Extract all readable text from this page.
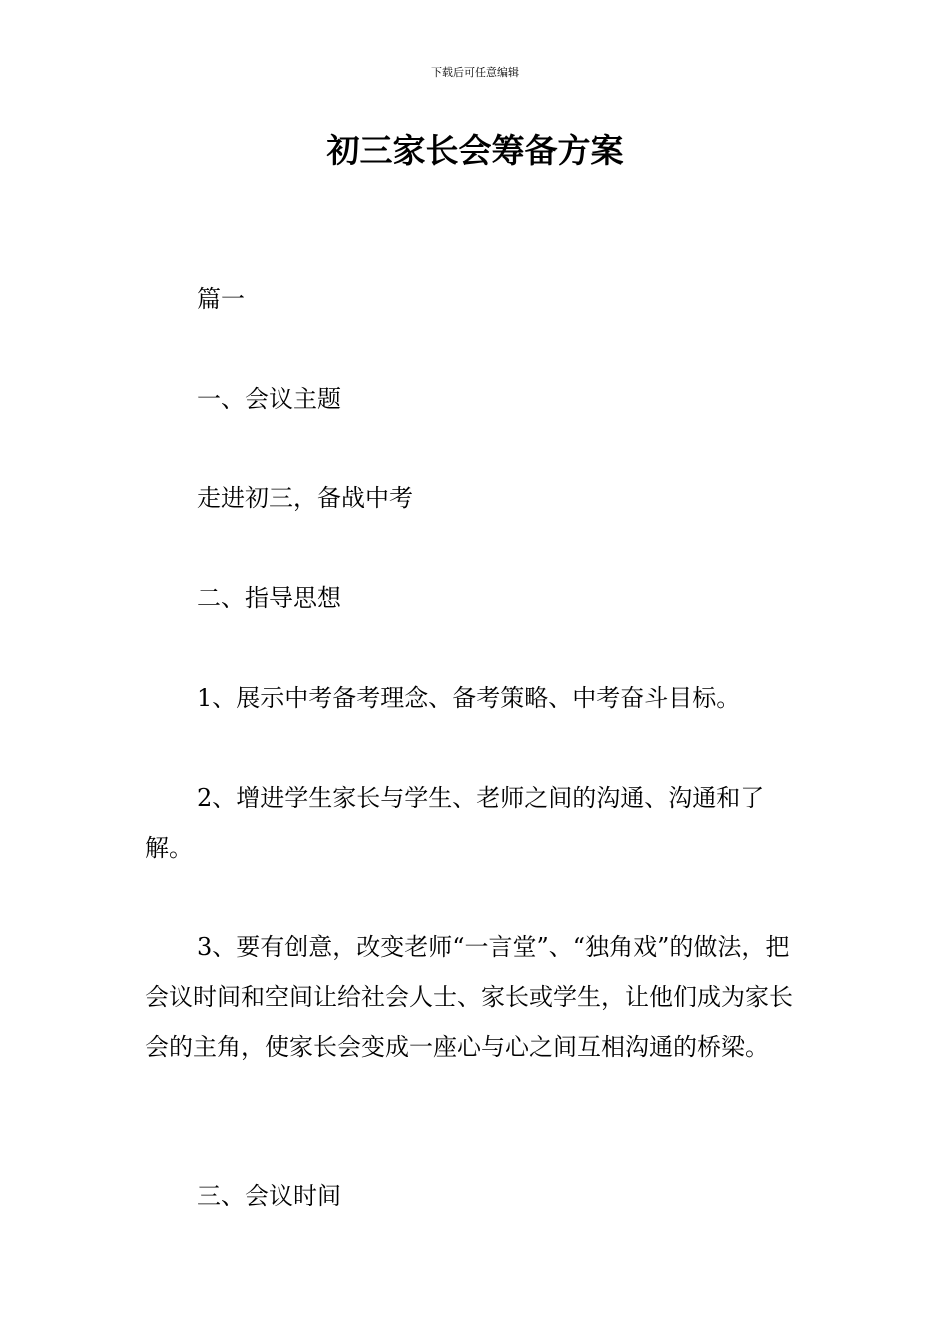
下载后可任意编辑
初三家长会筹备方案

篇一

一、会议主题

走进初三，备战中考

二、指导思想

1、展示中考备考理念、备考策略、中考奋斗目标。

2、增进学生家长与学生、老师之间的沟通、沟通和了解。

3、要有创意，改变老师“一言堂”、“独角戏”的做法，把会议时间和空间让给社会人士、家长或学生，让他们成为家长会的主角，使家长会变成一座心与心之间互相沟通的桥梁。

三、会议时间
